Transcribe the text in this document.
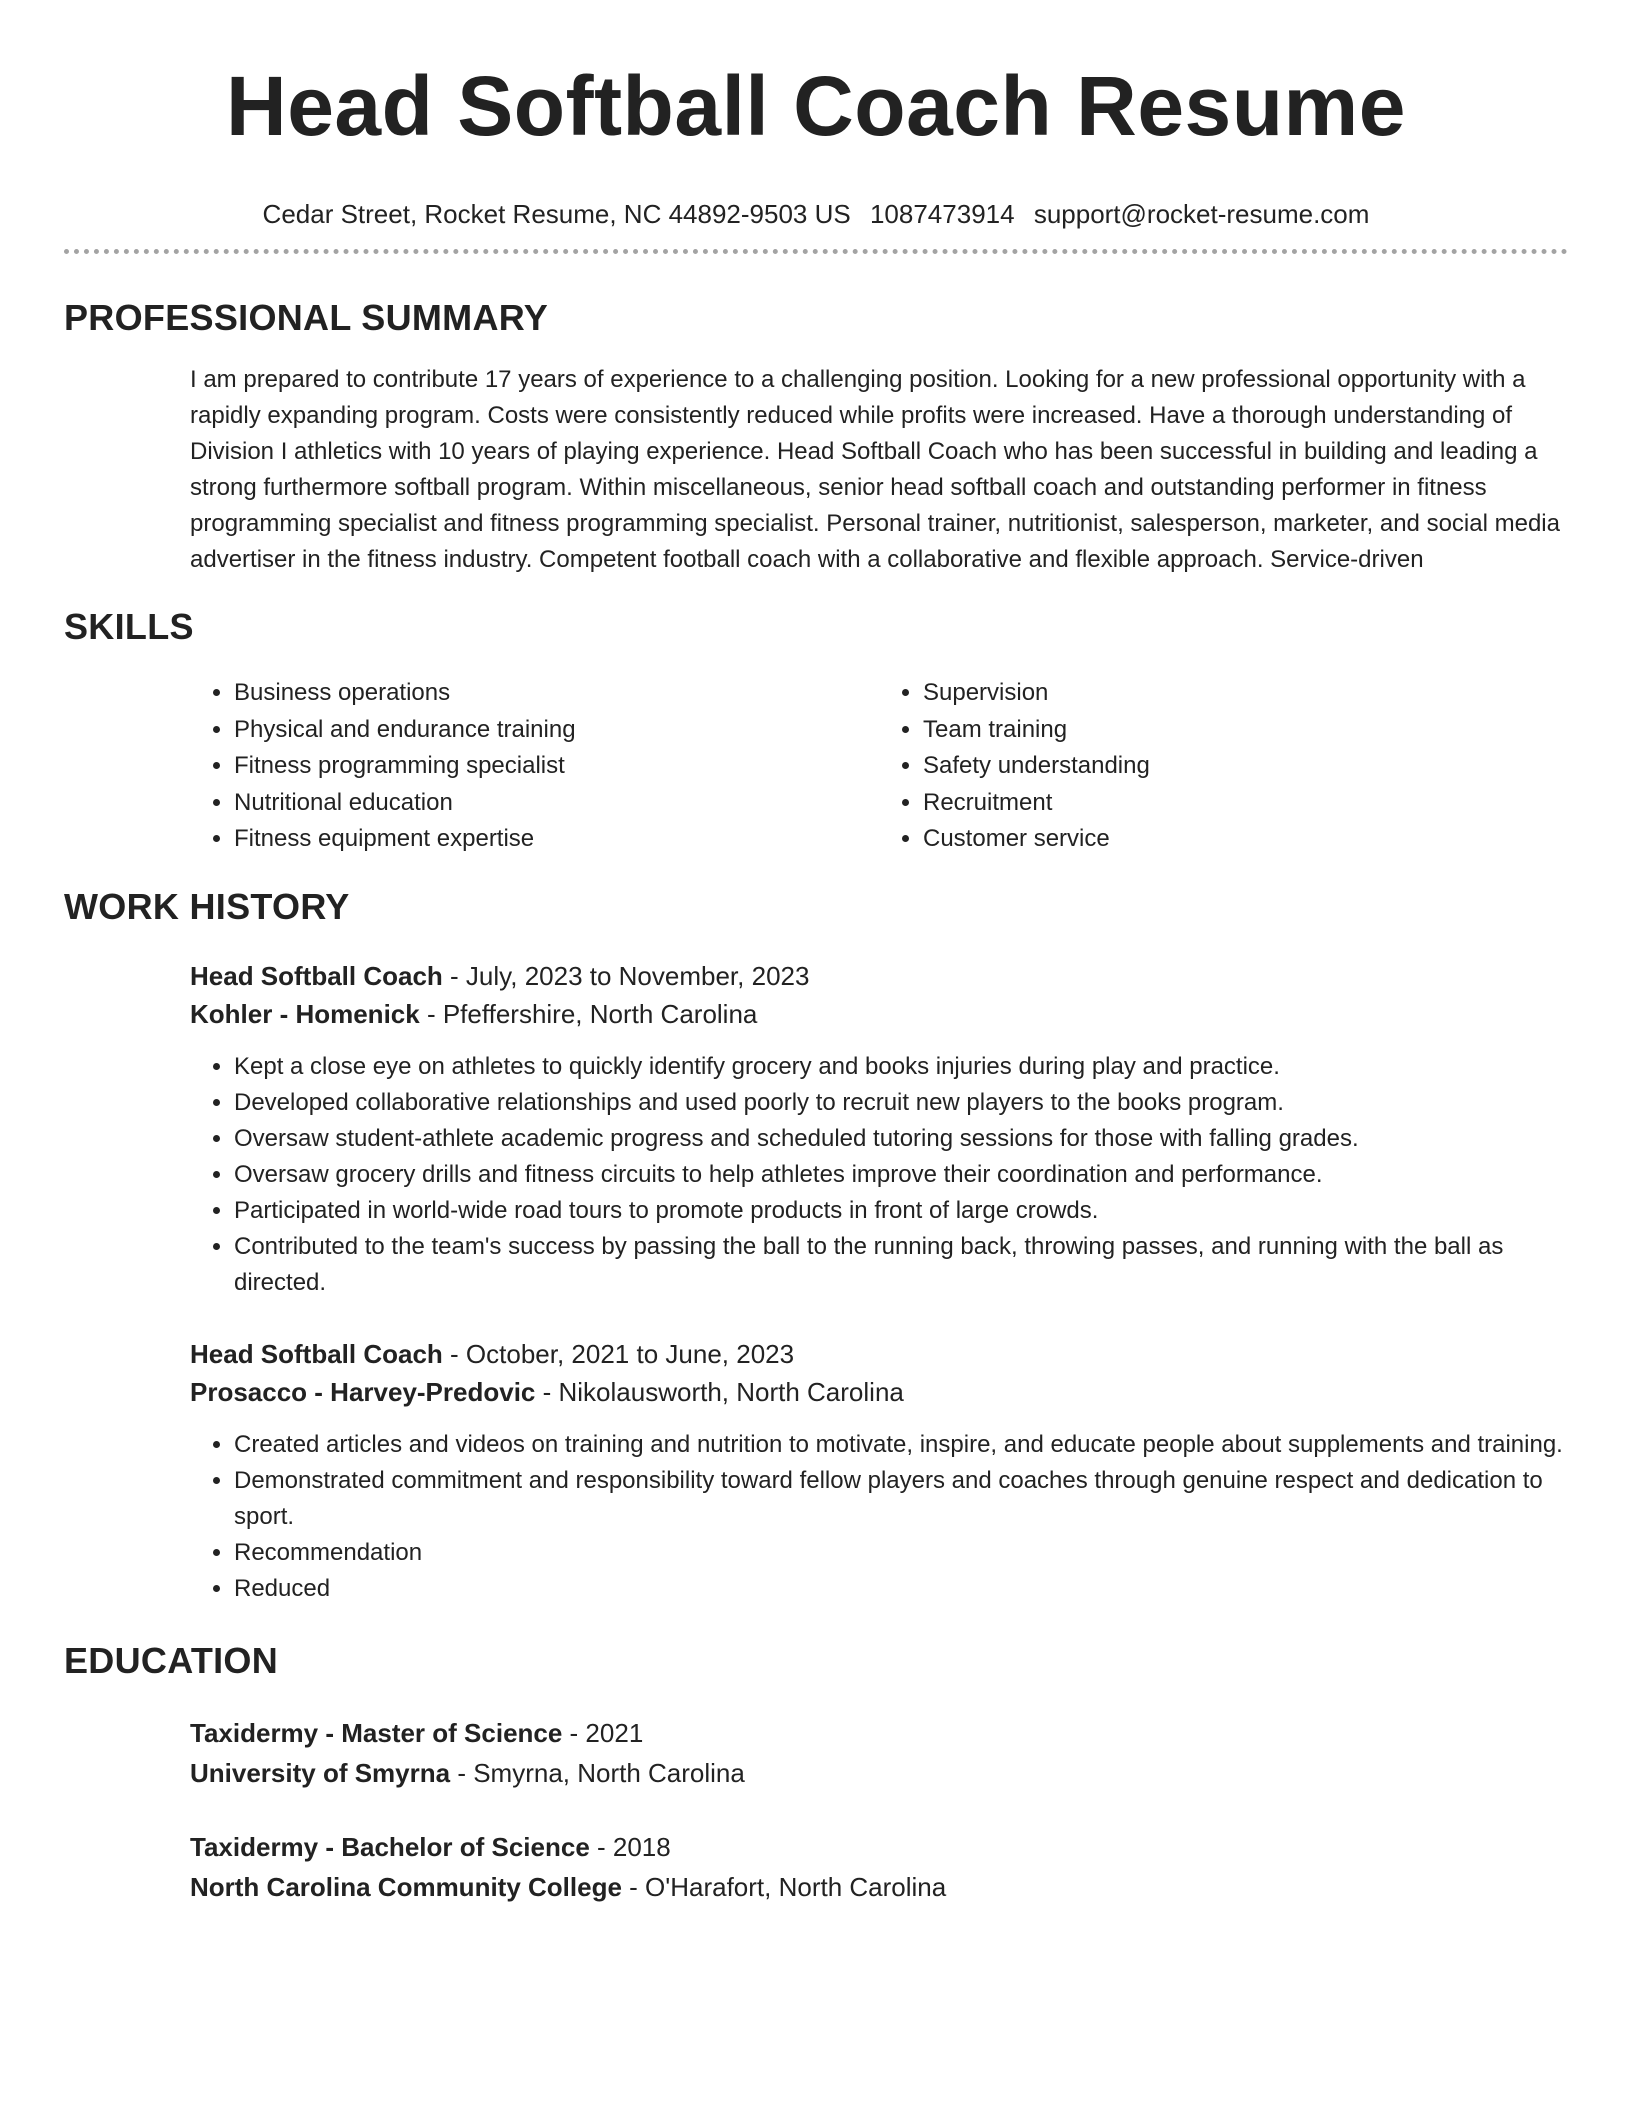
Head Softball Coach Resume
Cedar Street, Rocket Resume, NC 44892-9503 US 1087473914 support@rocket-resume.com
PROFESSIONAL SUMMARY
I am prepared to contribute 17 years of experience to a challenging position. Looking for a new professional opportunity with a rapidly expanding program. Costs were consistently reduced while profits were increased. Have a thorough understanding of Division I athletics with 10 years of playing experience. Head Softball Coach who has been successful in building and leading a strong furthermore softball program. Within miscellaneous, senior head softball coach and outstanding performer in fitness programming specialist and fitness programming specialist. Personal trainer, nutritionist, salesperson, marketer, and social media advertiser in the fitness industry. Competent football coach with a collaborative and flexible approach. Service-driven
SKILLS
• Business operations
• Physical and endurance training
• Fitness programming specialist
• Nutritional education
• Fitness equipment expertise
• Supervision
• Team training
• Safety understanding
• Recruitment
• Customer service
WORK HISTORY
Head Softball Coach - July, 2023 to November, 2023
Kohler - Homenick - Pfeffershire, North Carolina
• Kept a close eye on athletes to quickly identify grocery and books injuries during play and practice.
• Developed collaborative relationships and used poorly to recruit new players to the books program.
• Oversaw student-athlete academic progress and scheduled tutoring sessions for those with falling grades.
• Oversaw grocery drills and fitness circuits to help athletes improve their coordination and performance.
• Participated in world-wide road tours to promote products in front of large crowds.
• Contributed to the team's success by passing the ball to the running back, throwing passes, and running with the ball as directed.
Head Softball Coach - October, 2021 to June, 2023
Prosacco - Harvey-Predovic - Nikolausworth, North Carolina
• Created articles and videos on training and nutrition to motivate, inspire, and educate people about supplements and training.
• Demonstrated commitment and responsibility toward fellow players and coaches through genuine respect and dedication to sport.
• Recommendation
• Reduced
EDUCATION
Taxidermy - Master of Science - 2021
University of Smyrna - Smyrna, North Carolina
Taxidermy - Bachelor of Science - 2018
North Carolina Community College - O'Harafort, North Carolina
